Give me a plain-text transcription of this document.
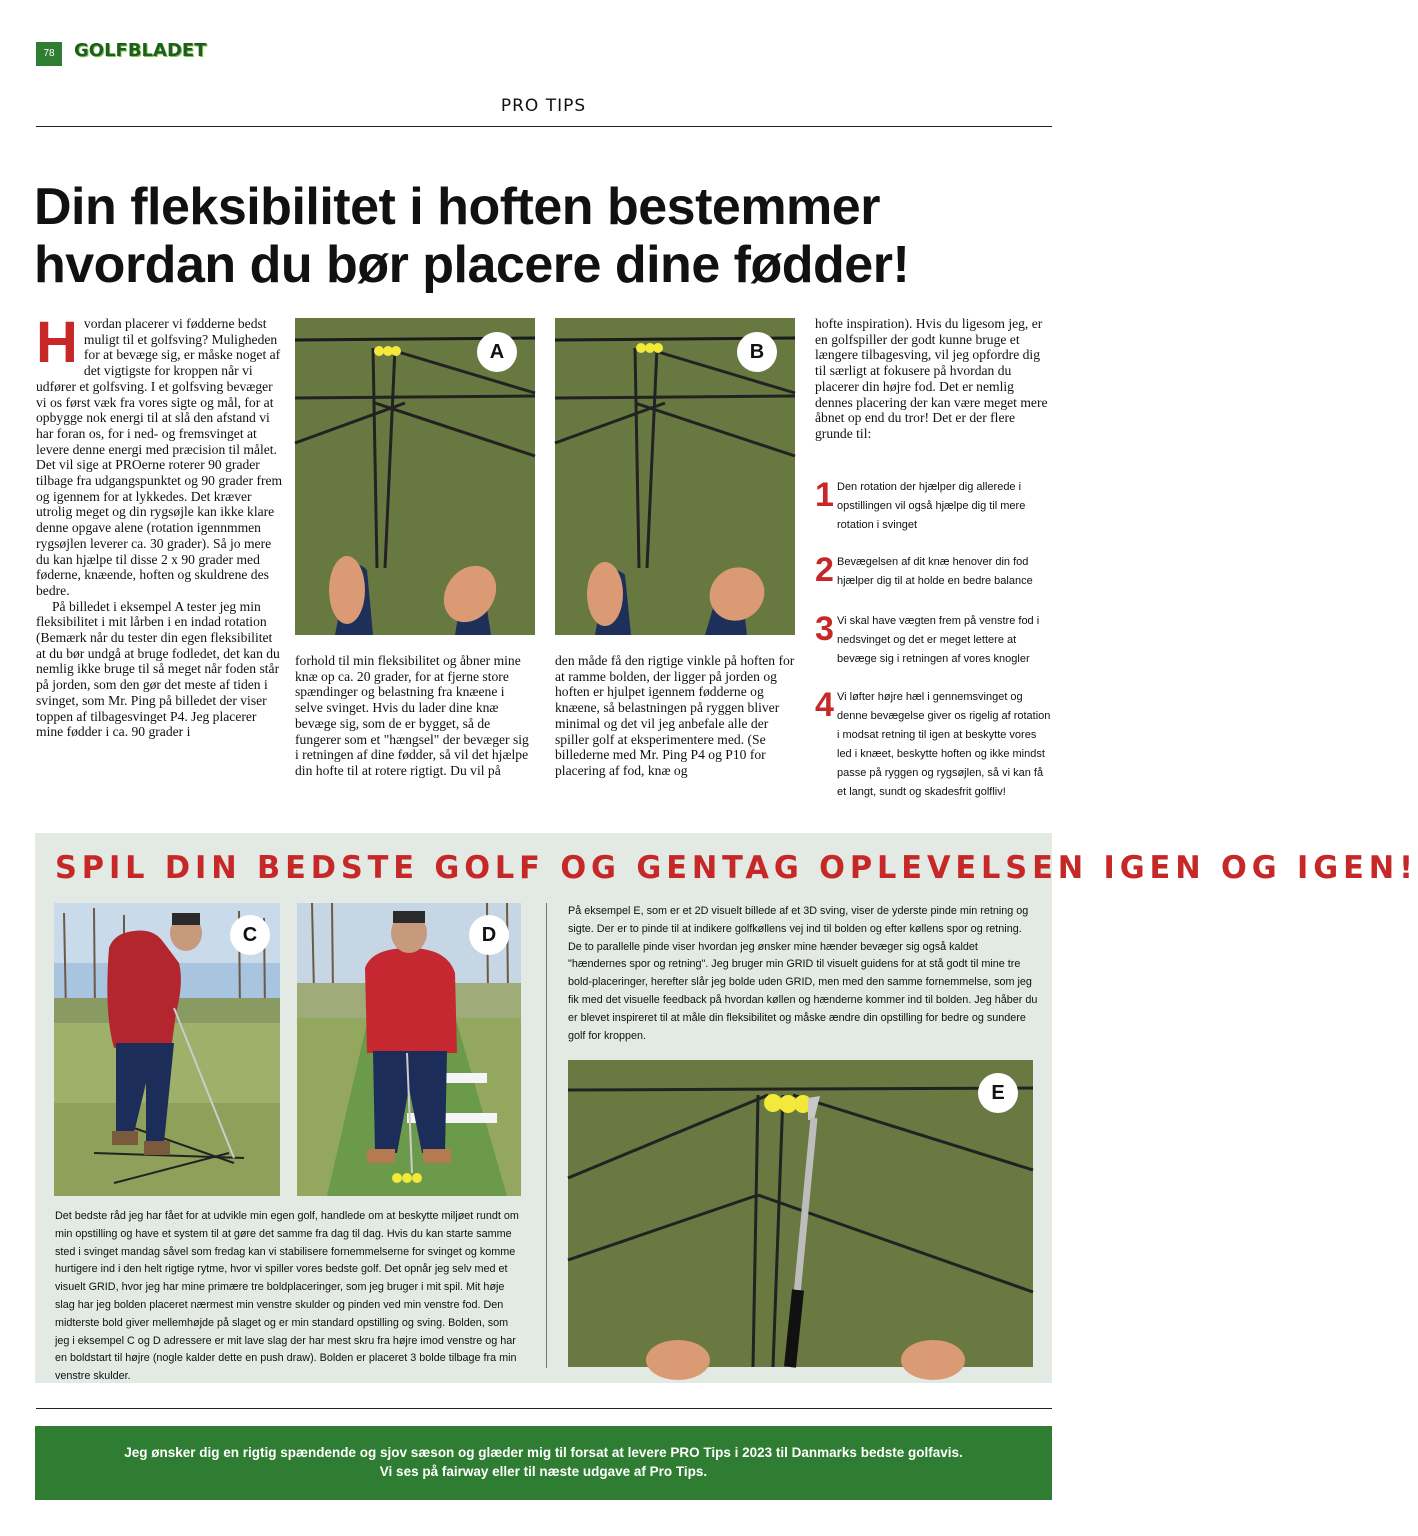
78	GOLFBLADET
PRO TIPS
Din fleksibilitet i hoften bestemmer
hvordan du bør placere dine fødder!
H vordan placerer vi fødderne bedst muligt til et golfsving? Muligheden for at bevæge sig, er måske noget af det vigtigste for kroppen når vi udfører et golfsving. I et golfsving bevæger vi os først væk fra vores sigte og mål, for at opbygge nok energi til at slå den afstand vi har foran os, for i ned- og fremsvinget at levere denne energi med præcision til målet. Det vil sige at PROerne roterer 90 grader tilbage fra udgangspunktet og 90 grader frem og igennem for at lykkedes. Det kræver utrolig meget og din rygsøjle kan ikke klare denne opgave alene (rotation igennmmen rygsøjlen leverer ca. 30 grader). Så jo mere du kan hjælpe til disse 2 x 90 grader med føderne, knæende, hoften og skuldrene des bedre.
På billedet i eksempel A tester jeg min fleksibilitet i mit lårben i en indad rotation (Bemærk når du tester din egen fleksibilitet at du bør undgå at bruge fodledet, det kan du nemlig ikke bruge til så meget når foden står på jorden, som den gør det meste af tiden i svinget, som Mr. Ping på billedet der viser toppen af tilbagesvinget P4. Jeg placerer mine fødder i ca. 90 grader i
A	B
forhold til min fleksibilitet og åbner mine knæ op ca. 20 grader, for at fjerne store spændinger og belastning fra knæene i selve svinget. Hvis du lader dine knæ bevæge sig, som de er bygget, så de fungerer som et "hængsel" der bevæger sig i retningen af dine fødder, så vil det hjælpe din hofte til at rotere rigtigt. Du vil på
den måde få den rigtige vinkle på hoften for at ramme bolden, der ligger på jorden og hoften er hjulpet igennem fødderne og knæene, så belastningen på ryggen bliver minimal og det vil jeg anbefale alle der spiller golf at eksperimentere med. (Se billederne med Mr. Ping P4 og P10 for placering af fod, knæ og
hofte inspiration). Hvis du ligesom jeg, er en golfspiller der godt kunne bruge et længere tilbagesving, vil jeg opfordre dig til særligt at fokusere på hvordan du placerer din højre fod. Det er nemlig dennes placering der kan være meget mere åbnet op end du tror! Det er der flere grunde til:
1 Den rotation der hjælper dig allerede i opstillingen vil også hjælpe dig til mere rotation i svinget
2 Bevægelsen af dit knæ henover din fod hjælper dig til at holde en bedre balance
3 Vi skal have vægten frem på venstre fod i nedsvinget og det er meget lettere at bevæge sig i retningen af vores knogler
4 Vi løfter højre hæl i gennemsvinget og denne bevægelse giver os rigelig af rotation i modsat retning til igen at beskytte vores led i knæet, beskytte hoften og ikke mindst passe på ryggen og rygsøjlen, så vi kan få et langt, sundt og skadesfrit golfliv!
SPIL DIN BEDSTE GOLF OG GENTAG OPLEVELSEN IGEN OG IGEN!
C	D
Det bedste råd jeg har fået for at udvikle min egen golf, handlede om at beskytte miljøet rundt om min opstilling og have et system til at gøre det samme fra dag til dag. Hvis du kan starte samme sted i svinget mandag såvel som fredag kan vi stabilisere fornemmelserne for svinget og komme hurtigere ind i den helt rigtige rytme, hvor vi spiller vores bedste golf. Det opnår jeg selv med et visuelt GRID, hvor jeg har mine primære tre boldplaceringer, som jeg bruger i mit spil. Mit høje slag har jeg bolden placeret nærmest min venstre skulder og pinden ved min venstre fod. Den midterste bold giver mellemhøjde på slaget og er min standard opstilling og sving. Bolden, som jeg i eksempel C og D adressere er mit lave slag der har mest skru fra højre imod venstre og har en boldstart til højre (nogle kalder dette en push draw). Bolden er placeret 3 bolde tilbage fra min venstre skulder.
På eksempel E, som er et 2D visuelt billede af et 3D sving, viser de yderste pinde min retning og sigte. Der er to pinde til at indikere golfkøllens vej ind til bolden og efter køllens spor og retning. De to parallelle pinde viser hvordan jeg ønsker mine hænder bevæger sig også kaldet "hændernes spor og retning". Jeg bruger min GRID til visuelt guidens for at stå godt til mine tre bold-placeringer, herefter slår jeg bolde uden GRID, men med den samme fornemmelse, som jeg fik med det visuelle feedback på hvordan køllen og hænderne kommer ind til bolden. Jeg håber du er blevet inspireret til at måle din fleksibilitet og måske ændre din opstilling for bedre og sundere golf for kroppen.
E

Jeg ønsker dig en rigtig spændende og sjov sæson og glæder mig til forsat at levere PRO Tips i 2023 til Danmarks bedste golfavis.

Vi ses på fairway eller til næste udgave af Pro Tips.
